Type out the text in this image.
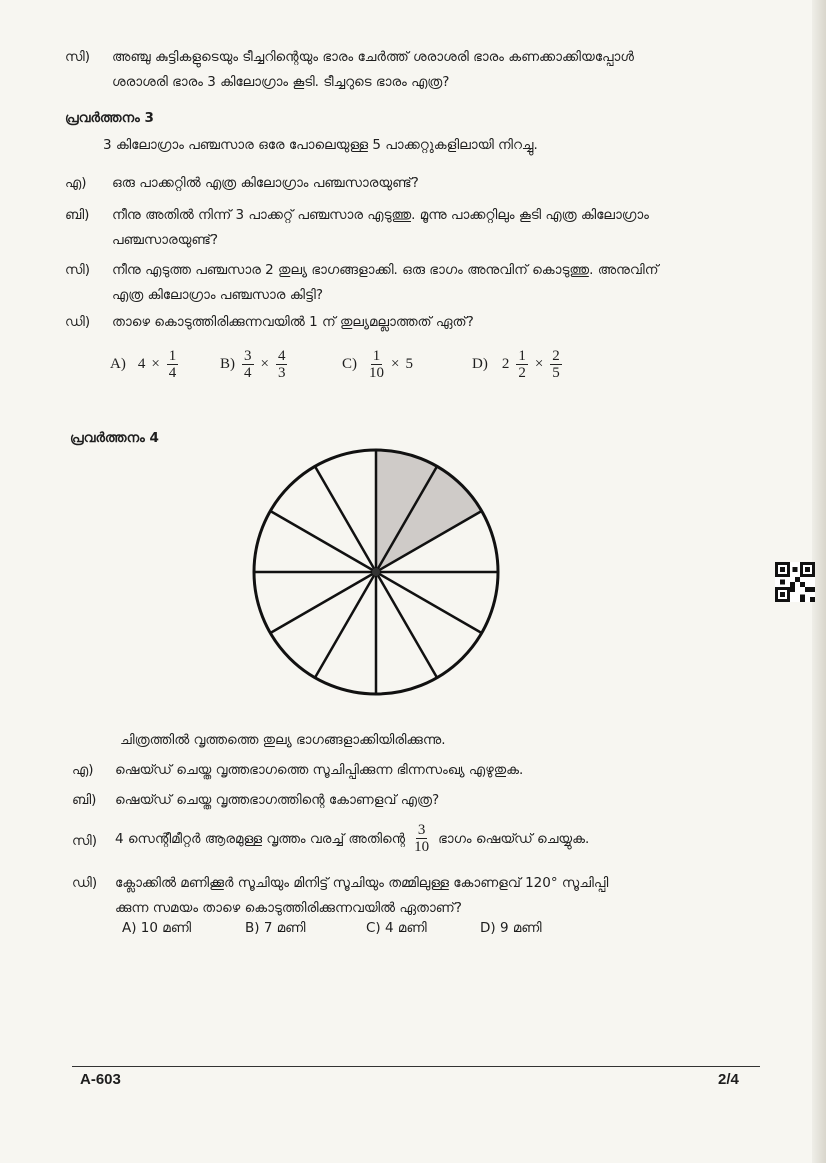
സി) അഞ്ചു കുട്ടികളുടെയും ടീച്ചറിന്റെയും ഭാരം ചേർത്ത് ശരാശരി ഭാരം കണക്കാക്കിയപ്പോൾ
ശരാശരി ഭാരം 3 കിലോഗ്രാം കൂടി. ടീച്ചറുടെ ഭാരം എത്ര?
പ്രവർത്തനം 3
3 കിലോഗ്രാം പഞ്ചസാര ഒരേ പോലെയുള്ള 5 പാക്കറ്റുകളിലായി നിറച്ചു.
എ) ഒരു പാക്കറ്റിൽ എത്ര കിലോഗ്രാം പഞ്ചസാരയുണ്ട്?
ബി) നീനു അതിൽ നിന്ന് 3 പാക്കറ്റ് പഞ്ചസാര എടുത്തു. മൂന്നു പാക്കറ്റിലും കൂടി എത്ര കിലോഗ്രാം
പഞ്ചസാരയുണ്ട്?
സി) നീനു എടുത്ത പഞ്ചസാര 2 തുല്യ ഭാഗങ്ങളാക്കി. ഒരു ഭാഗം അനുവിന് കൊടുത്തു. അനുവിന്
എത്ര കിലോഗ്രാം പഞ്ചസാര കിട്ടി?
ഡി) താഴെ കൊടുത്തിരിക്കുന്നവയിൽ 1 ന് തുല്യമല്ലാത്തത് ഏത്?
A) $4 \times \frac{1}{4}$	$B) \frac{3}{4} \times \frac{4}{3}$	$C) \frac{1}{10} \times 5$	D) $2 \frac{1}{2} \times \frac{2}{5}$
പ്രവർത്തനം 4
ചിത്രത്തിൽ വൃത്തത്തെ തുല്യ ഭാഗങ്ങളാക്കിയിരിക്കുന്നു.
എ) ഷെയ്ഡ് ചെയ്ത വൃത്തഭാഗത്തെ സൂചിപ്പിക്കുന്ന ഭിന്നസംഖ്യ എഴുതുക.
ബി) ഷെയ്ഡ് ചെയ്ത വൃത്തഭാഗത്തിന്റെ കോണളവ് എത്ര?
സി) 4 സെന്റീമീറ്റർ ആരമുള്ള വൃത്തം വരച്ച് അതിന്റെ $\frac{3}{10}$ ഭാഗം ഷെയ്ഡ് ചെയ്യുക.
ഡി) ക്ലോക്കിൽ മണിക്കൂർ സൂചിയും മിനിട്ട് സൂചിയും തമ്മിലുള്ള കോണളവ് 120° സൂചിപ്പി
ക്കുന്ന സമയം താഴെ കൊടുത്തിരിക്കുന്നവയിൽ ഏതാണ്?
A) 10 മണി	B) 7 മണി	C) 4 മണി	D) 9 മണി
A-603	2/4
